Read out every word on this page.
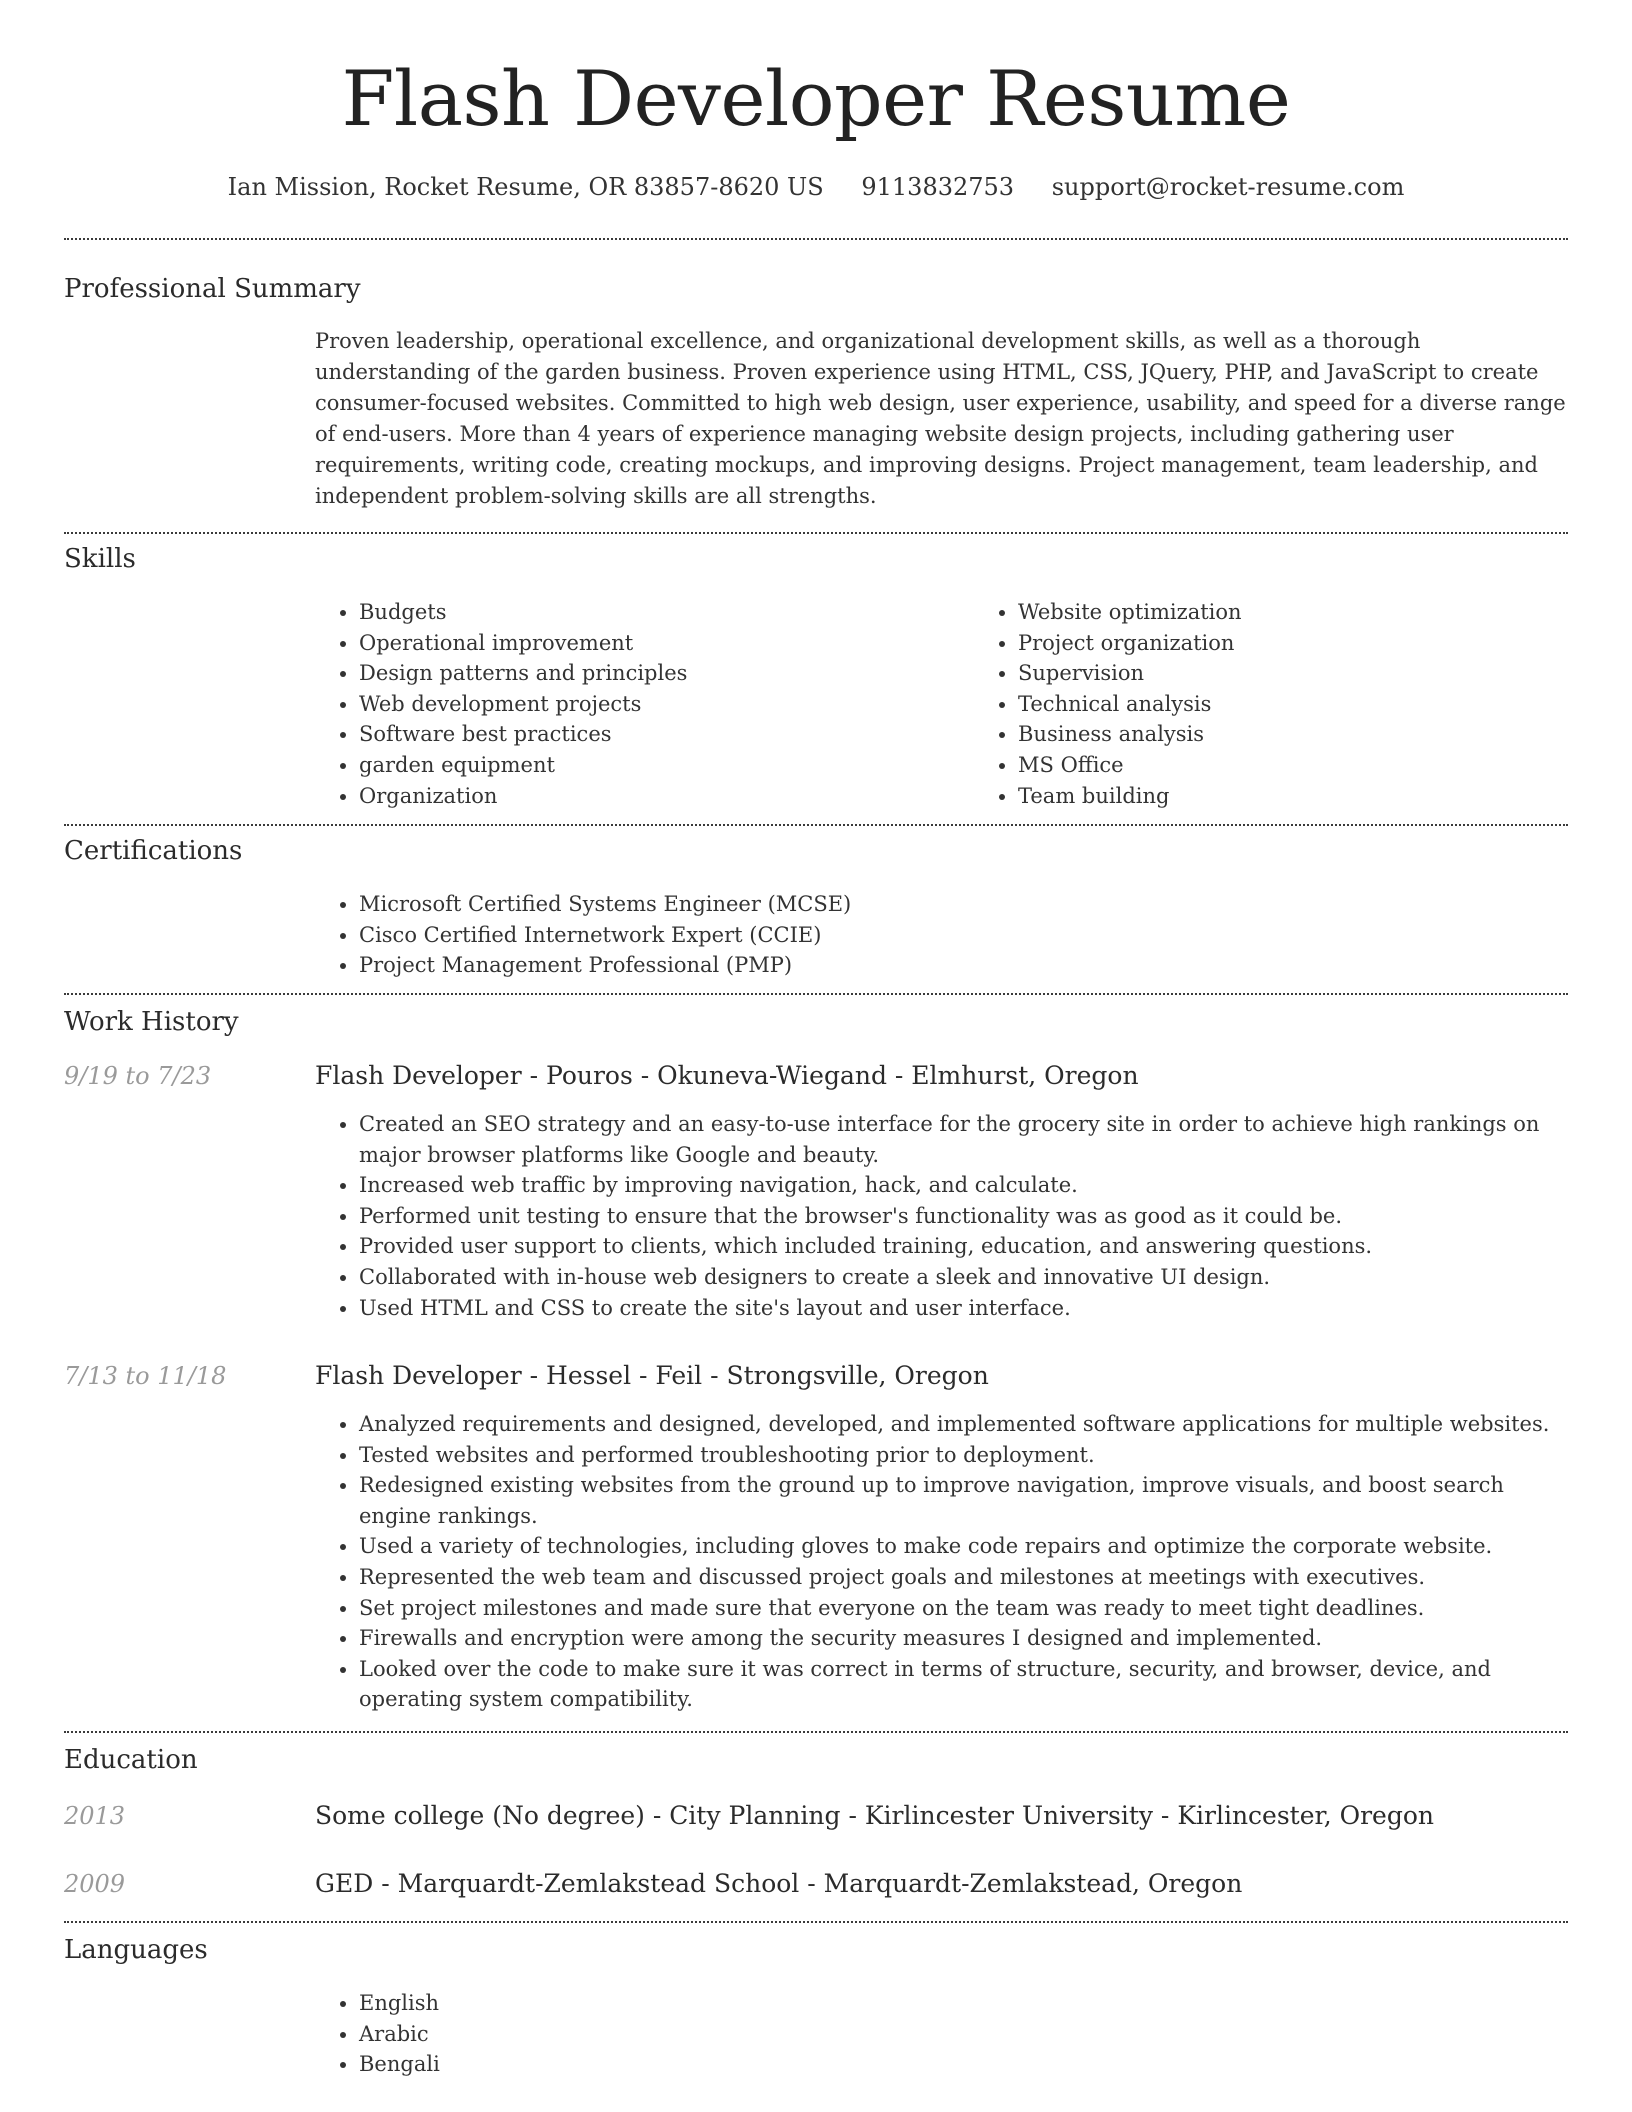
Flash Developer Resume
Ian Mission, Rocket Resume, OR 83857-8620 US 9113832753 support@rocket-resume.com
Professional Summary

Proven leadership, operational excellence, and organizational development skills, as well as a thorough understanding of the garden business. Proven experience using HTML, CSS, JQuery, PHP, and JavaScript to create consumer-focused websites. Committed to high web design, user experience, usability, and speed for a diverse range of end-users. More than 4 years of experience managing website design projects, including gathering user requirements, writing code, creating mockups, and improving designs. Project management, team leadership, and independent problem-solving skills are all strengths.

Skills
• Budgets
• Operational improvement
• Design patterns and principles
• Web development projects
• Software best practices
• garden equipment
• Organization
• Website optimization
• Project organization
• Supervision
• Technical analysis
• Business analysis
• MS Office
• Team building
Certifications
• Microsoft Certified Systems Engineer (MCSE)
• Cisco Certified Internetwork Expert (CCIE)
• Project Management Professional (PMP)
Work History
9/19 to 7/23	Flash Developer - Pouros - Okuneva-Wiegand - Elmhurst, Oregon
• Created an SEO strategy and an easy-to-use interface for the grocery site in order to achieve high rankings on major browser platforms like Google and beauty.
• Increased web traffic by improving navigation, hack, and calculate.
• Performed unit testing to ensure that the browser's functionality was as good as it could be.
• Provided user support to clients, which included training, education, and answering questions.
• Collaborated with in-house web designers to create a sleek and innovative UI design.
• Used HTML and CSS to create the site's layout and user interface.
7/13 to 11/18	Flash Developer - Hessel - Feil - Strongsville, Oregon
• Analyzed requirements and designed, developed, and implemented software applications for multiple websites.
• Tested websites and performed troubleshooting prior to deployment.
• Redesigned existing websites from the ground up to improve navigation, improve visuals, and boost search engine rankings.
• Used a variety of technologies, including gloves to make code repairs and optimize the corporate website.
• Represented the web team and discussed project goals and milestones at meetings with executives.
• Set project milestones and made sure that everyone on the team was ready to meet tight deadlines.
• Firewalls and encryption were among the security measures I designed and implemented.
• Looked over the code to make sure it was correct in terms of structure, security, and browser, device, and operating system compatibility.
Education
2013	Some college (No degree) - City Planning - Kirlincester University - Kirlincester, Oregon
2009	GED - Marquardt-Zemlakstead School - Marquardt-Zemlakstead, Oregon
Languages
• English
• Arabic
• Bengali
